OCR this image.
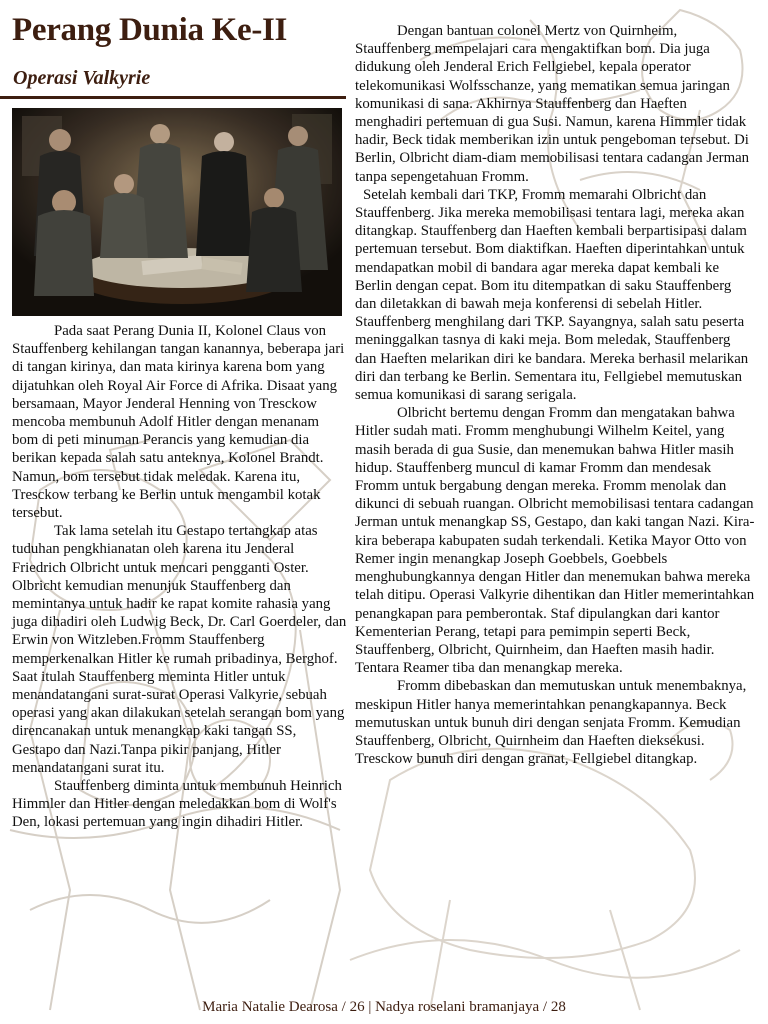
Perang Dunia Ke-II
Operasi Valkyrie

Pada saat Perang Dunia II, Kolonel Claus von Stauffenberg kehilangan tangan kanannya, beberapa jari di tangan kirinya, dan mata kirinya karena bom yang dijatuhkan oleh Royal Air Force di Afrika. Disaat yang bersamaan, Mayor Jenderal Henning von Tresckow mencoba membunuh Adolf Hitler dengan menanam bom di peti minuman Perancis yang kemudian dia berikan kepada salah satu anteknya, Kolonel Brandt. Namun, bom tersebut tidak meledak. Karena itu, Tresckow terbang ke Berlin untuk mengambil kotak tersebut.

Tak lama setelah itu Gestapo tertangkap atas tuduhan pengkhianatan oleh karena itu Jenderal Friedrich Olbricht untuk mencari pengganti Oster. Olbricht kemudian menunjuk Stauffenberg dan memintanya untuk hadir ke rapat komite rahasia yang juga dihadiri oleh Ludwig Beck, Dr. Carl Goerdeler, dan Erwin von Witzleben.Fromm Stauffenberg memperkenalkan Hitler ke rumah pribadinya, Berghof. Saat itulah Stauffenberg meminta Hitler untuk menandatangani surat-surat Operasi Valkyrie, sebuah operasi yang akan dilakukan setelah serangan bom yang direncanakan untuk menangkap kaki tangan SS, Gestapo dan Nazi.Tanpa pikir panjang, Hitler menandatangani surat itu.

Stauffenberg diminta untuk membunuh Heinrich Himmler dan Hitler dengan meledakkan bom di Wolf's Den, lokasi pertemuan yang ingin dihadiri Hitler.

Dengan bantuan colonel Mertz von Quirnheim, Stauffenberg mempelajari cara mengaktifkan bom. Dia juga didukung oleh Jenderal Erich Fellgiebel, kepala operator telekomunikasi Wolfsschanze, yang mematikan semua jaringan komunikasi di sana. Akhirnya Stauffenberg dan Haeften menghadiri pertemuan di gua Susi. Namun, karena Himmler tidak hadir, Beck tidak memberikan izin untuk pengeboman tersebut. Di Berlin, Olbricht diam-diam memobilisasi tentara cadangan Jerman tanpa sepengetahuan Fromm.

Setelah kembali dari TKP, Fromm memarahi Olbricht dan Stauffenberg. Jika mereka memobilisasi tentara lagi, mereka akan ditangkap. Stauffenberg dan Haeften kembali berpartisipasi dalam pertemuan tersebut. Bom diaktifkan. Haeften diperintahkan untuk mendapatkan mobil di bandara agar mereka dapat kembali ke Berlin dengan cepat. Bom itu ditempatkan di saku Stauffenberg dan diletakkan di bawah meja konferensi di sebelah Hitler. Stauffenberg menghilang dari TKP. Sayangnya, salah satu peserta meninggalkan tasnya di kaki meja. Bom meledak, Stauffenberg dan Haeften melarikan diri ke bandara. Mereka berhasil melarikan diri dan terbang ke Berlin. Sementara itu, Fellgiebel memutuskan semua komunikasi di sarang serigala.

Olbricht bertemu dengan Fromm dan mengatakan bahwa Hitler sudah mati. Fromm menghubungi Wilhelm Keitel, yang masih berada di gua Susie, dan menemukan bahwa Hitler masih hidup. Stauffenberg muncul di kamar Fromm dan mendesak Fromm untuk bergabung dengan mereka. Fromm menolak dan dikunci di sebuah ruangan. Olbricht memobilisasi tentara cadangan Jerman untuk menangkap SS, Gestapo, dan kaki tangan Nazi. Kira-kira beberapa kabupaten sudah terkendali. Ketika Mayor Otto von Remer ingin menangkap Joseph Goebbels, Goebbels menghubungkannya dengan Hitler dan menemukan bahwa mereka telah ditipu. Operasi Valkyrie dihentikan dan Hitler memerintahkan penangkapan para pemberontak. Staf dipulangkan dari kantor Kementerian Perang, tetapi para pemimpin seperti Beck, Stauffenberg, Olbricht, Quirnheim, dan Haeften masih hadir. Tentara Reamer tiba dan menangkap mereka.

Fromm dibebaskan dan memutuskan untuk menembaknya, meskipun Hitler hanya memerintahkan penangkapannya. Beck memutuskan untuk bunuh diri dengan senjata Fromm. Kemudian Stauffenberg, Olbricht, Quirnheim dan Haeften dieksekusi. Tresckow bunuh diri dengan granat, Fellgiebel ditangkap.

Maria Natalie Dearosa / 26 | Nadya roselani bramanjaya / 28
